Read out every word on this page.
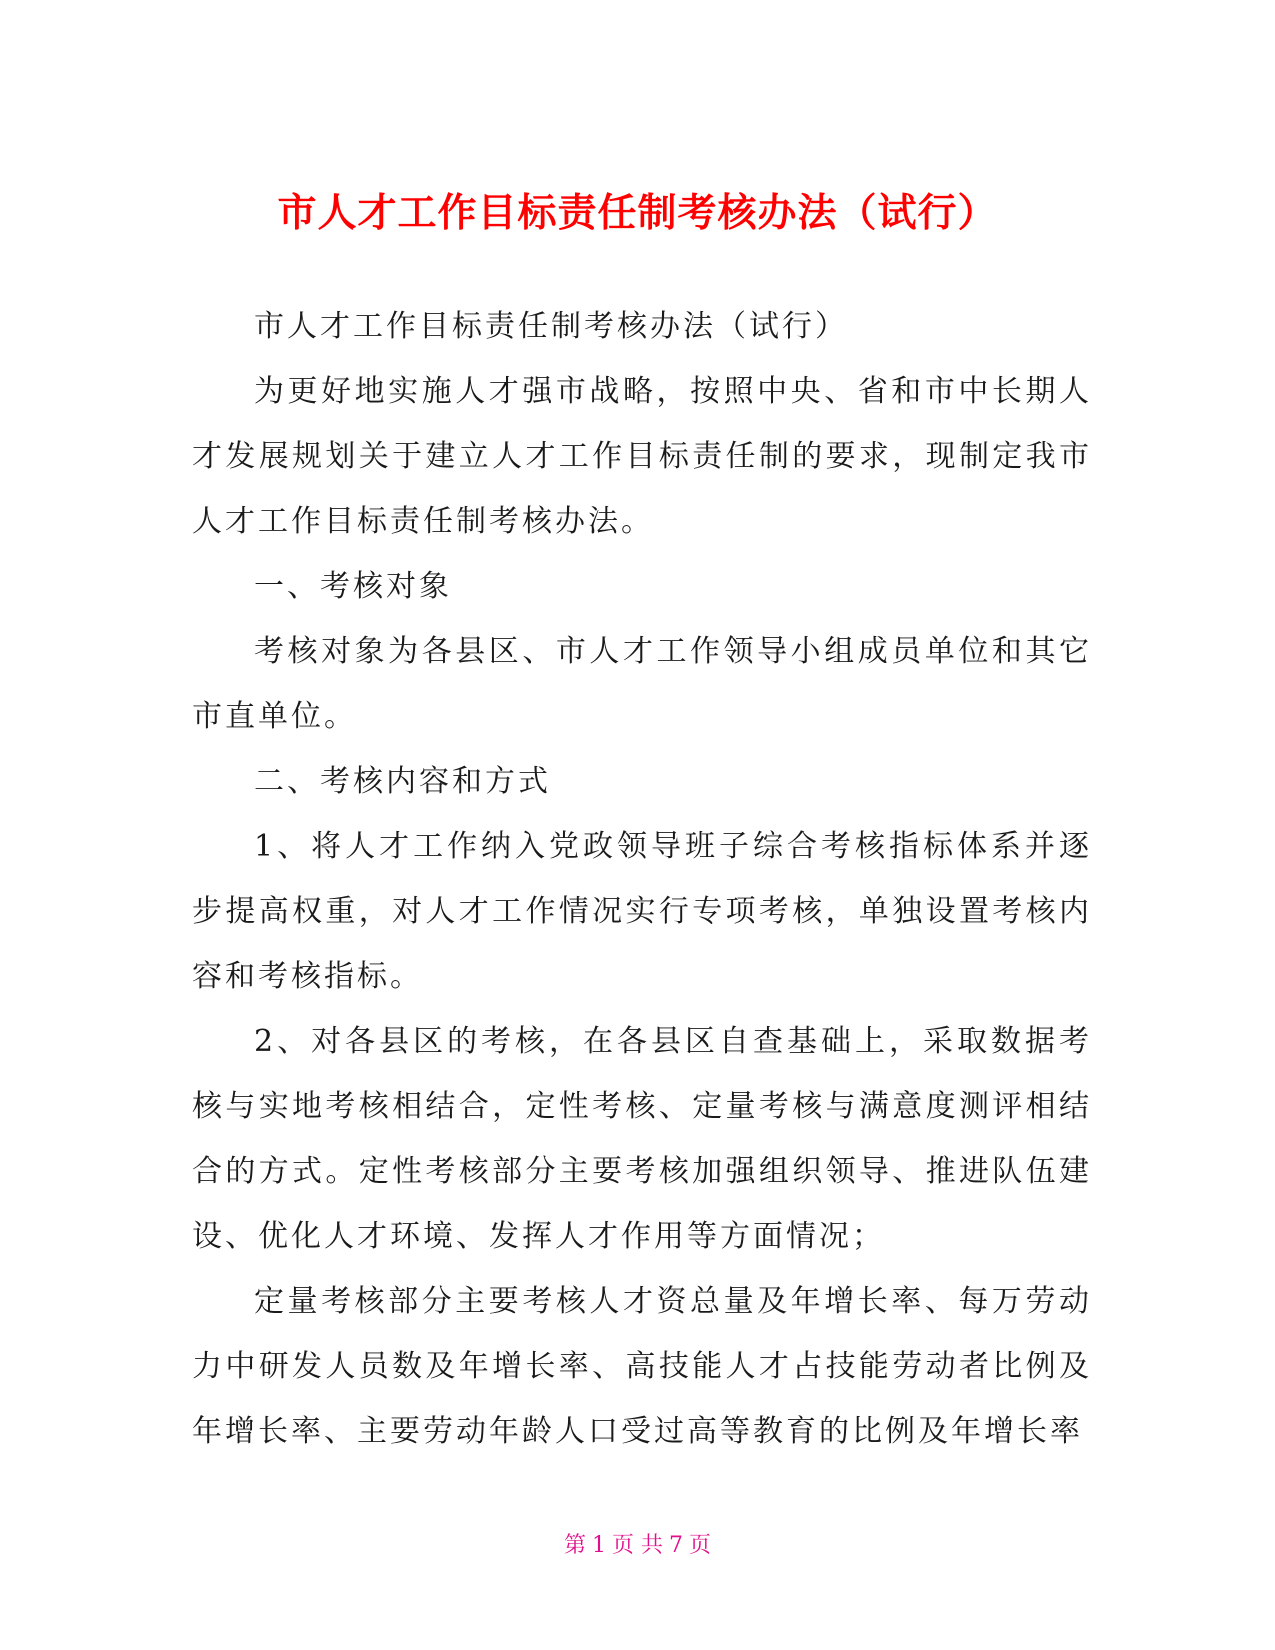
市人才工作目标责任制考核办法（试行）

市人才工作目标责任制考核办法（试行）

为更好地实施人才强市战略，按照中央、省和市中长期人才发展规划关于建立人才工作目标责任制的要求，现制定我市人才工作目标责任制考核办法。

一、考核对象

考核对象为各县区、市人才工作领导小组成员单位和其它市直单位。

二、考核内容和方式

1、将人才工作纳入党政领导班子综合考核指标体系并逐步提高权重，对人才工作情况实行专项考核，单独设置考核内容和考核指标。

2、对各县区的考核，在各县区自查基础上，采取数据考核与实地考核相结合，定性考核、定量考核与满意度测评相结合的方式。定性考核部分主要考核加强组织领导、推进队伍建设、优化人才环境、发挥人才作用等方面情况；

定量考核部分主要考核人才资总量及年增长率、每万劳动力中研发人员数及年增长率、高技能人才占技能劳动者比例及年增长率、主要劳动年龄人口受过高等教育的比例及年增长率

第 1 页 共 7 页
